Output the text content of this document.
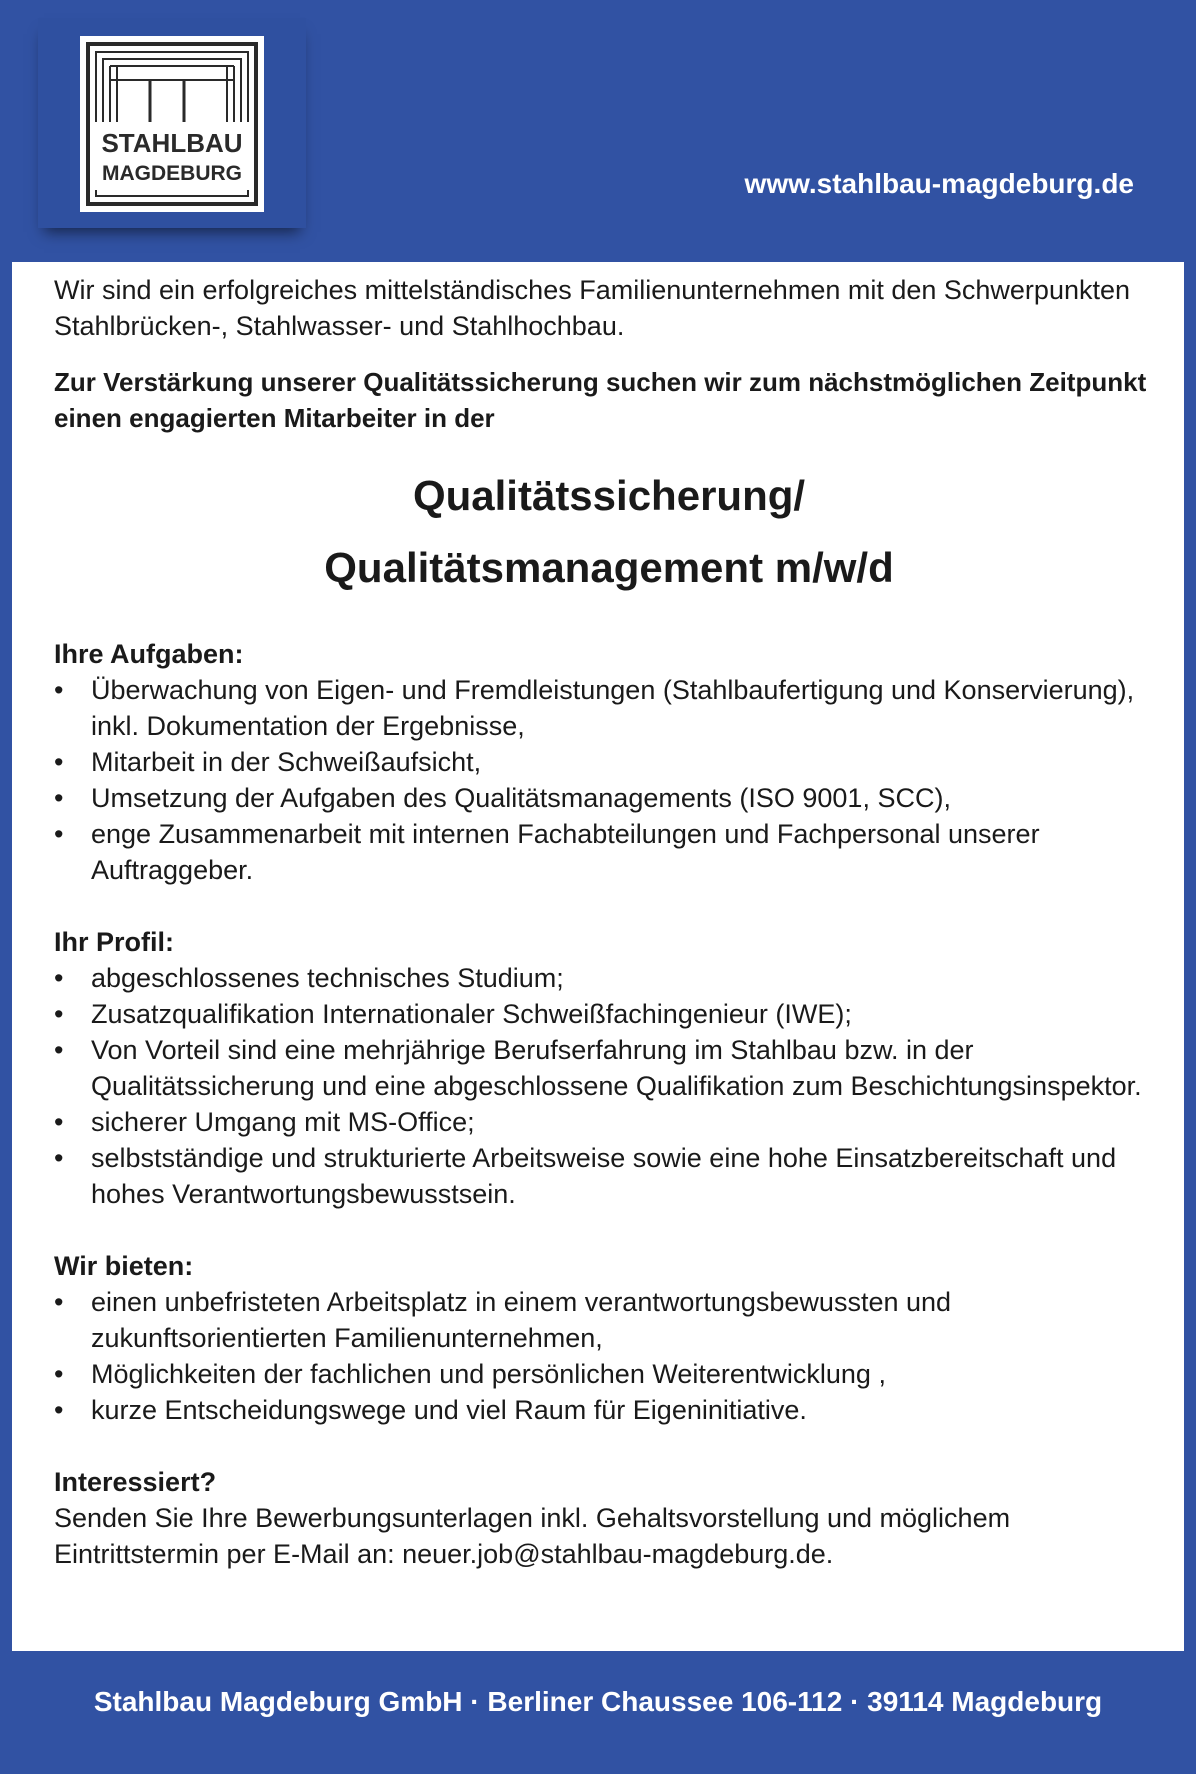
STAHLBAU
MAGDEBURG	www.stahlbau-magdeburg.de

Wir sind ein erfolgreiches mittelständisches Familienunternehmen mit den Schwerpunkten Stahlbrücken-, Stahlwasser- und Stahlhochbau.

Zur Verstärkung unserer Qualitätssicherung suchen wir zum nächstmöglichen Zeitpunkt einen engagierten Mitarbeiter in der

Qualitätssicherung/
Qualitätsmanagement m/w/d
Ihre Aufgaben:
• Überwachung von Eigen- und Fremdleistungen (Stahlbaufertigung und Konservierung), inkl. Dokumentation der Ergebnisse,
• Mitarbeit in der Schweißaufsicht,
• Umsetzung der Aufgaben des Qualitätsmanagements (ISO 9001, SCC),
• enge Zusammenarbeit mit internen Fachabteilungen und Fachpersonal unserer Auftraggeber.
Ihr Profil:
• abgeschlossenes technisches Studium;
• Zusatzqualifikation Internationaler Schweißfachingenieur (IWE);
• Von Vorteil sind eine mehrjährige Berufserfahrung im Stahlbau bzw. in der Qualitätssicherung und eine abgeschlossene Qualifikation zum Beschichtungsinspektor.
• sicherer Umgang mit MS-Office;
• selbstständige und strukturierte Arbeitsweise sowie eine hohe Einsatzbereitschaft und hohes Verantwortungsbewusstsein.
Wir bieten:
• einen unbefristeten Arbeitsplatz in einem verantwortungsbewussten und zukunftsorientierten Familienunternehmen,
• Möglichkeiten der fachlichen und persönlichen Weiterentwicklung ,
• kurze Entscheidungswege und viel Raum für Eigeninitiative.
Interessiert?

Senden Sie Ihre Bewerbungsunterlagen inkl. Gehaltsvorstellung und möglichem Eintrittstermin per E-Mail an: neuer.job@stahlbau-magdeburg.de.

Stahlbau Magdeburg GmbH · Berliner Chaussee 106-112 · 39114 Magdeburg
